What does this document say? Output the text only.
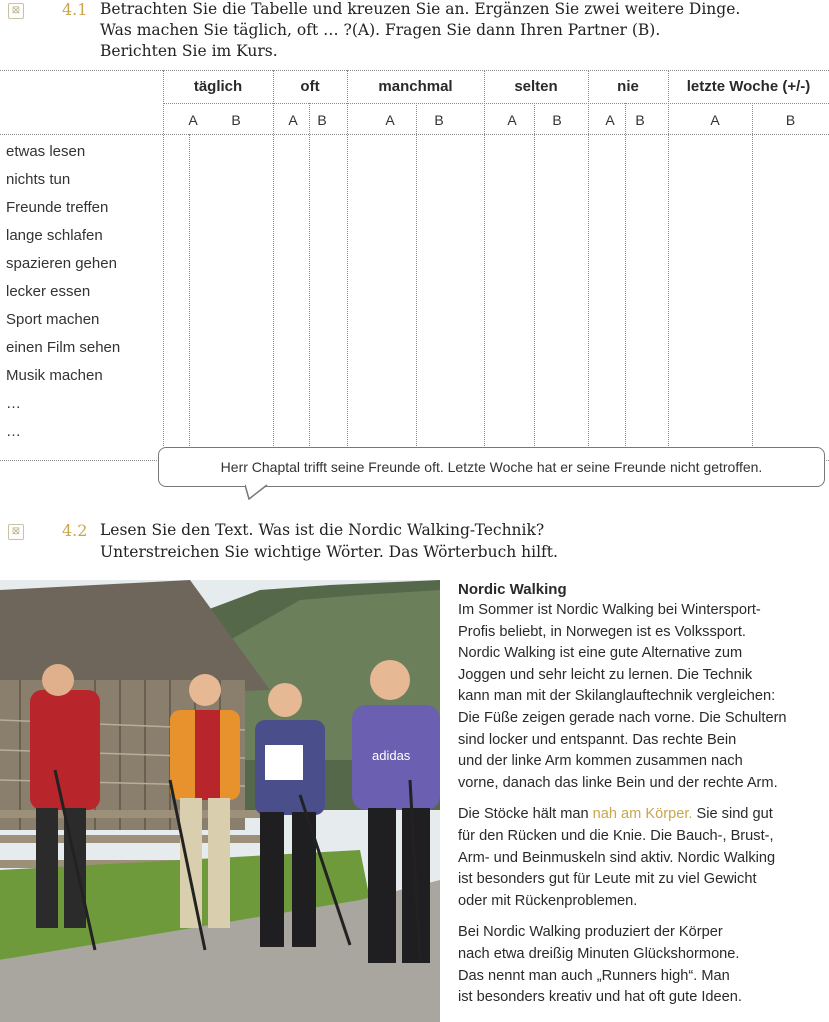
⊠	4.1 Betrachten Sie die Tabelle und kreuzen Sie an. Ergänzen Sie zwei weitere Dinge.
Was machen Sie täglich, oft … ?(A). Fragen Sie dann Ihren Partner (B).
Berichten Sie im Kurs.
täglich	oft	manchmal	selten	nie	letzte Woche (+/-)
A	B	A	B	A	B	A	B	A	B	A	B
etwas lesen
nichts tun
Freunde treffen
lange schlafen
spazieren gehen
lecker essen
Sport machen
einen Film sehen
Musik machen
…
…
Herr Chaptal trifft seine Freunde oft. Letzte Woche hat er seine Freunde nicht getroffen.
⊠	4.2 Lesen Sie den Text. Was ist die Nordic Walking-Technik?
Unterstreichen Sie wichtige Wörter. Das Wörterbuch hilft.
adidas
Nordic Walking

Im Sommer ist Nordic Walking bei Wintersport-
Profis beliebt, in Norwegen ist es Volkssport.
Nordic Walking ist eine gute Alternative zum
Joggen und sehr leicht zu lernen. Die Technik
kann man mit der Skilanglauftechnik vergleichen:
Die Füße zeigen gerade nach vorne. Die Schultern
sind locker und entspannt. Das rechte Bein
und der linke Arm kommen zusammen nach
vorne, danach das linke Bein und der rechte Arm.

Die Stöcke hält man nah am Körper. Sie sind gut
für den Rücken und die Knie. Die Bauch-, Brust-,
Arm- und Beinmuskeln sind aktiv. Nordic Walking
ist besonders gut für Leute mit zu viel Gewicht
oder mit Rückenproblemen.

Bei Nordic Walking produziert der Körper
nach etwa dreißig Minuten Glückshormone.
Das nennt man auch „Runners high“. Man
ist besonders kreativ und hat oft gute Ideen.
